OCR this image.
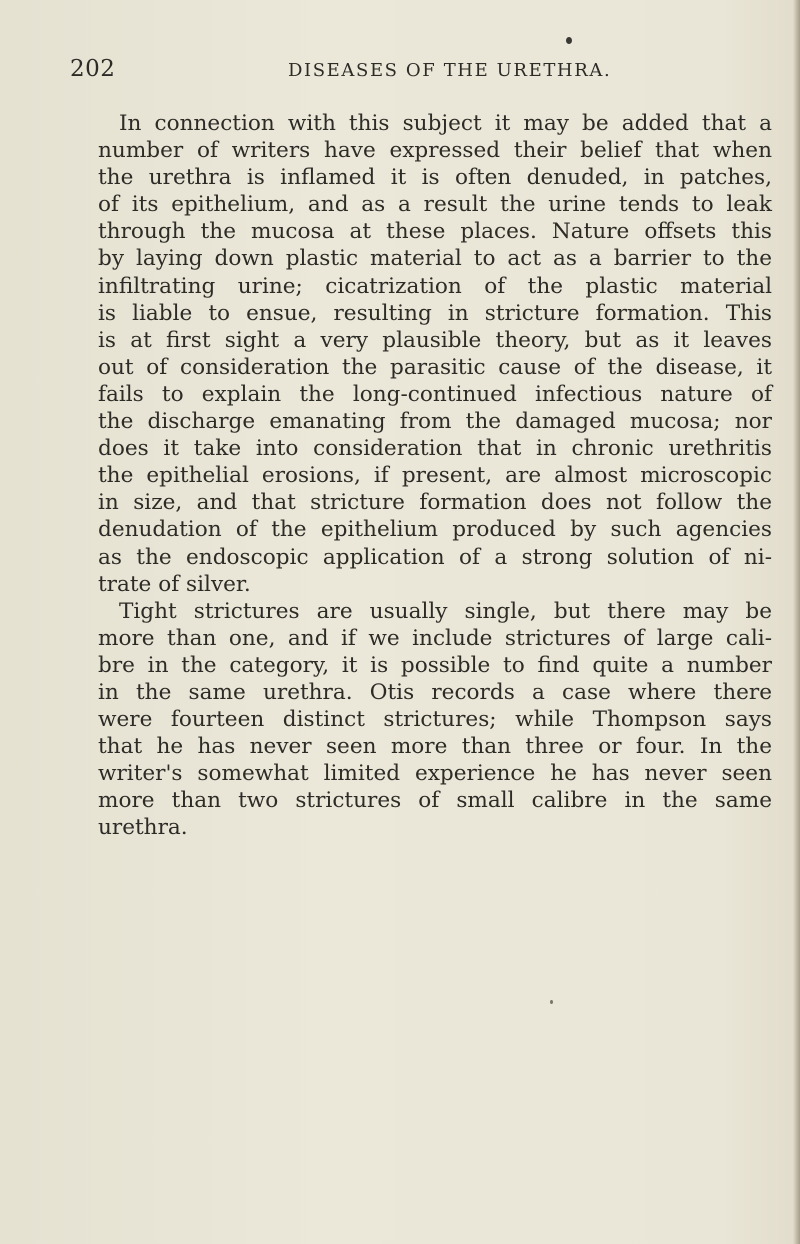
202	DISEASES OF THE URETHRA.
In connection with this subject it may be added that a
number of writers have expressed their belief that when
the urethra is inflamed it is often denuded, in patches,
of its epithelium, and as a result the urine tends to leak
through the mucosa at these places. Nature offsets this
by laying down plastic material to act as a barrier to the
infiltrating urine; cicatrization of the plastic material
is liable to ensue, resulting in stricture formation. This
is at first sight a very plausible theory, but as it leaves
out of consideration the parasitic cause of the disease, it
fails to explain the long-continued infectious nature of
the discharge emanating from the damaged mucosa; nor
does it take into consideration that in chronic urethritis
the epithelial erosions, if present, are almost microscopic
in size, and that stricture formation does not follow the
denudation of the epithelium produced by such agencies
as the endoscopic application of a strong solution of ni-
trate of silver.
Tight strictures are usually single, but there may be
more than one, and if we include strictures of large cali-
bre in the category, it is possible to find quite a number
in the same urethra. Otis records a case where there
were fourteen distinct strictures; while Thompson says
that he has never seen more than three or four. In the
writer's somewhat limited experience he has never seen
more than two strictures of small calibre in the same
urethra.
